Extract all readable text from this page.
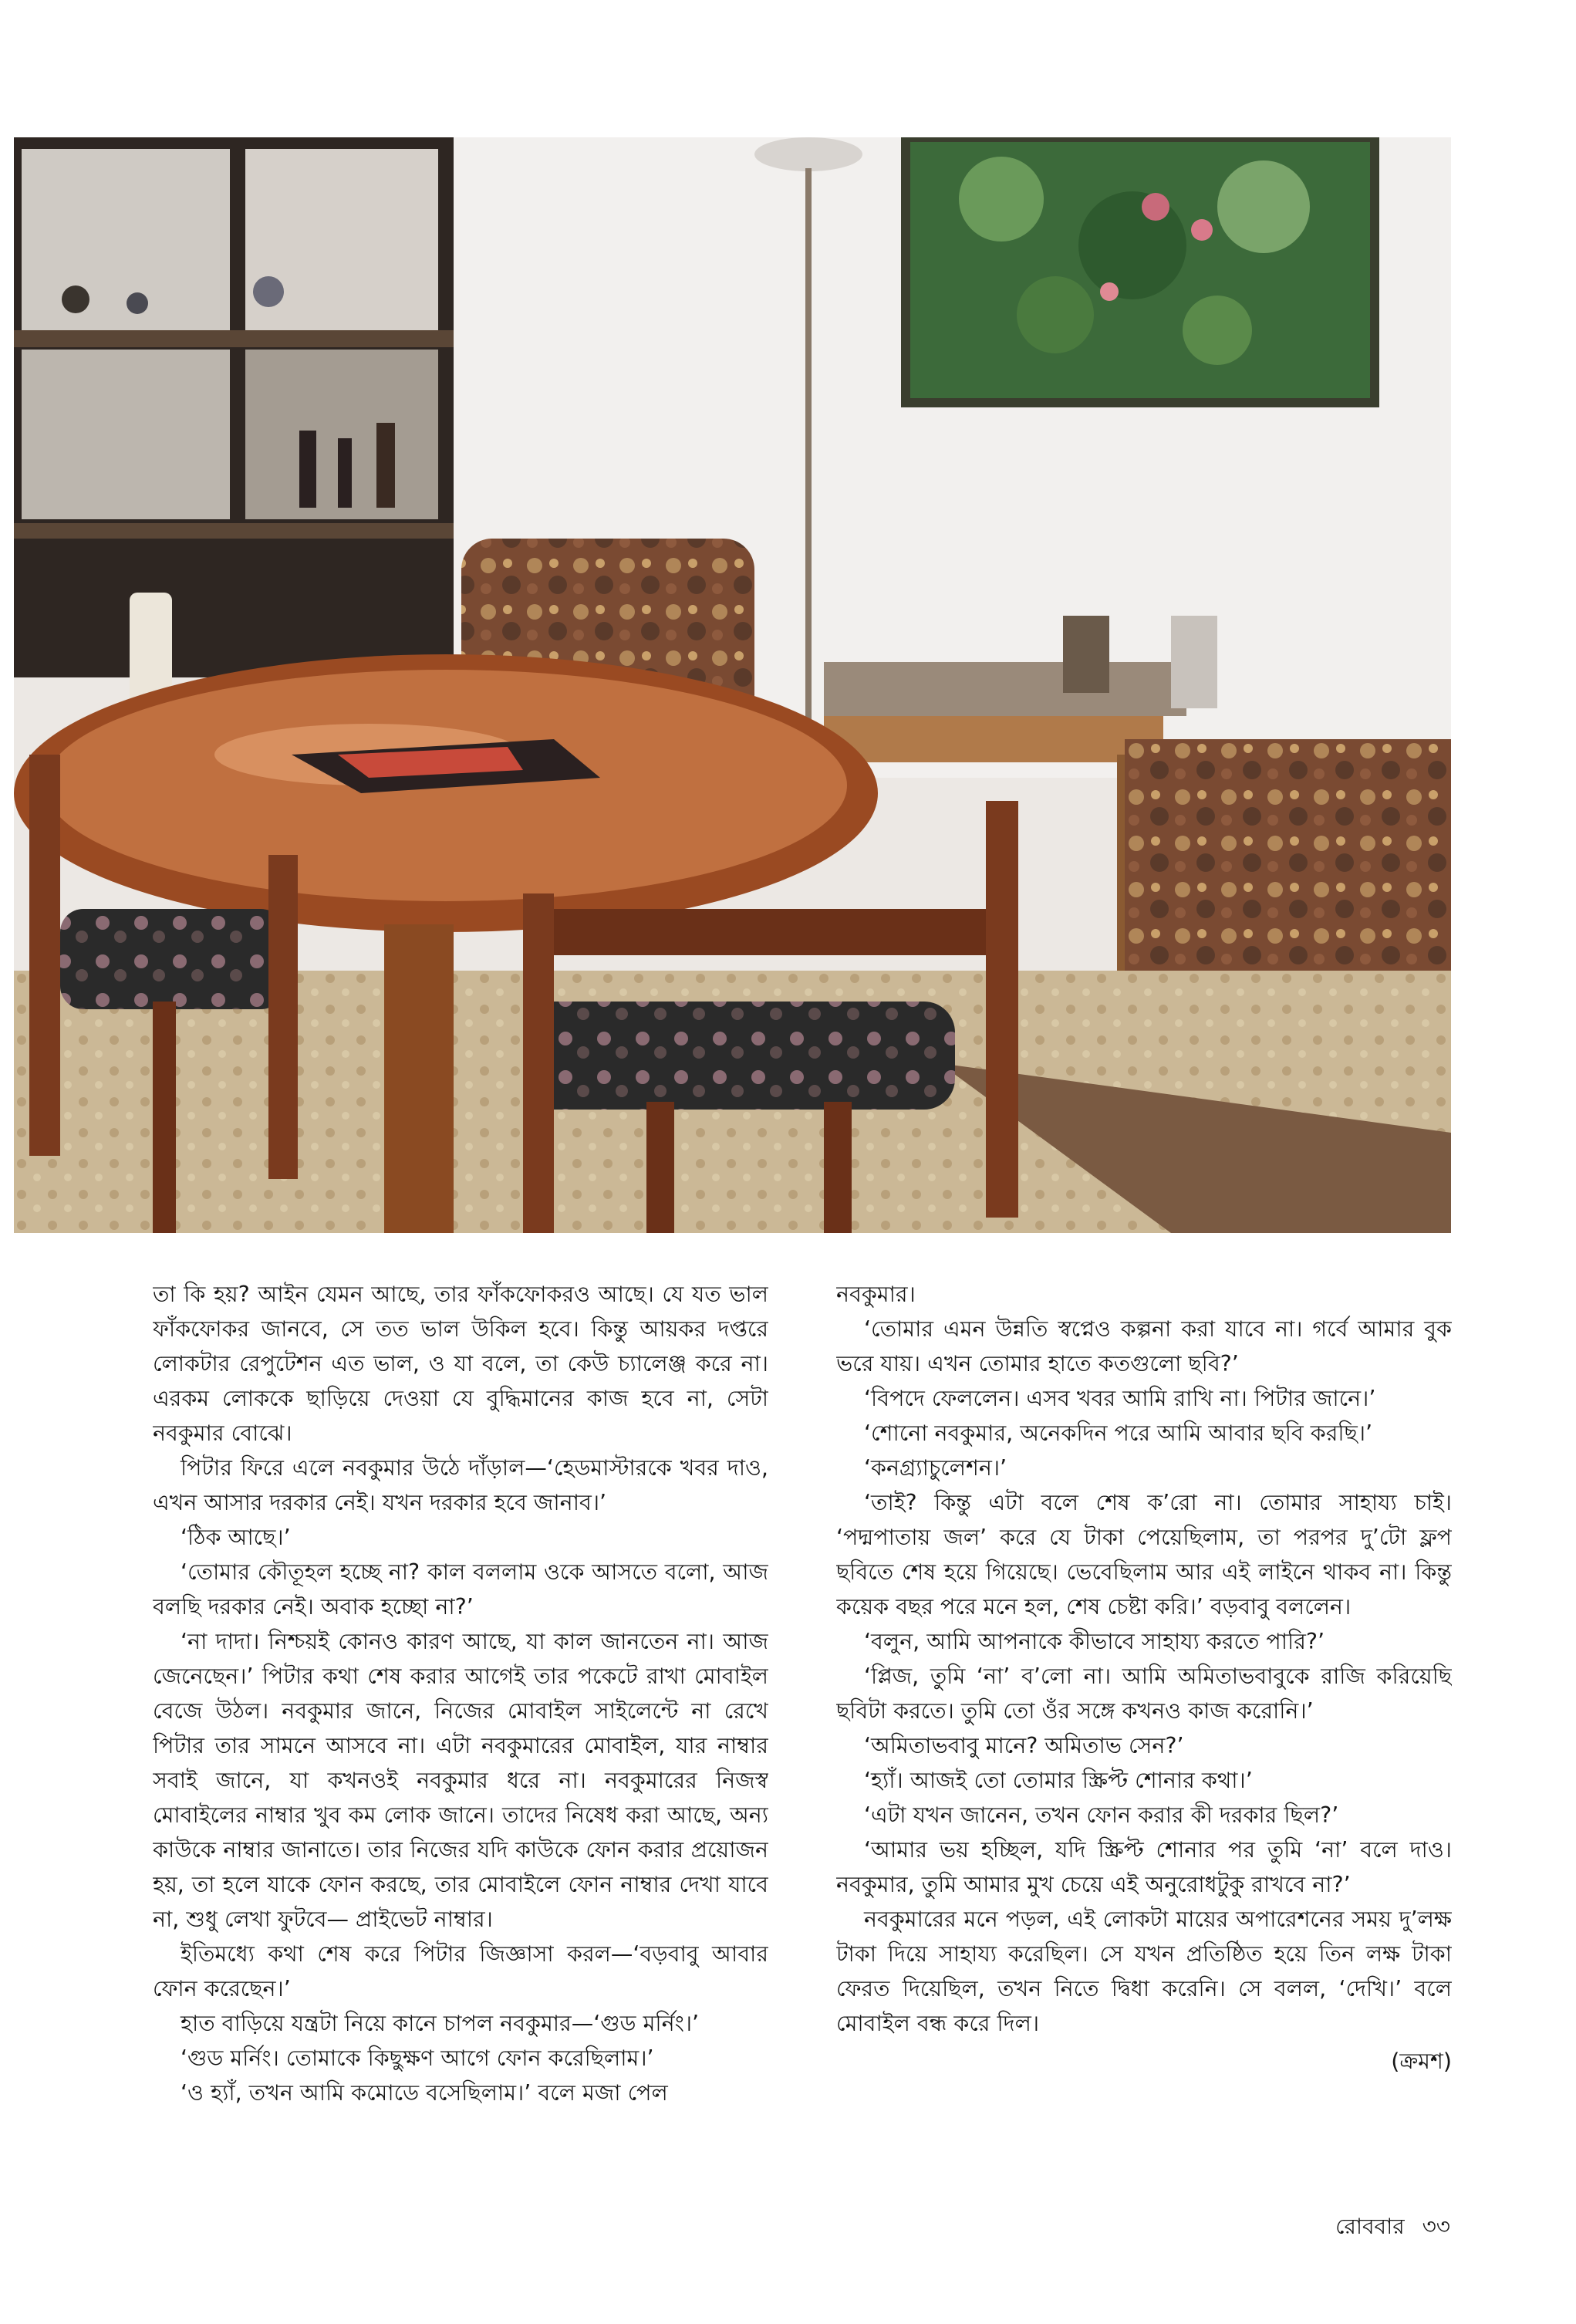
তা কি হয়? আইন যেমন আছে, তার ফাঁকফোকরও আছে। যে যত ভাল ফাঁকফোকর জানবে, সে তত ভাল উকিল হবে। কিন্তু আয়কর দপ্তরে লোকটার রেপুটেশন এত ভাল, ও যা বলে, তা কেউ চ্যালেঞ্জ করে না। এরকম লোককে ছাড়িয়ে দেওয়া যে বুদ্ধিমানের কাজ হবে না, সেটা নবকুমার বোঝে।

পিটার ফিরে এলে নবকুমার উঠে দাঁড়াল—‘হেডমাস্টারকে খবর দাও, এখন আসার দরকার নেই। যখন দরকার হবে জানাব।’

‘ঠিক আছে।’

‘তোমার কৌতূহল হচ্ছে না? কাল বললাম ওকে আসতে বলো, আজ বলছি দরকার নেই। অবাক হচ্ছো না?’

‘না দাদা। নিশ্চয়ই কোনও কারণ আছে, যা কাল জানতেন না। আজ জেনেছেন।’ পিটার কথা শেষ করার আগেই তার পকেটে রাখা মোবাইল বেজে উঠল। নবকুমার জানে, নিজের মোবাইল সাইলেন্টে না রেখে পিটার তার সামনে আসবে না। এটা নবকুমারের মোবাইল, যার নাম্বার সবাই জানে, যা কখনওই নবকুমার ধরে না। নবকুমারের নিজস্ব মোবাইলের নাম্বার খুব কম লোক জানে। তাদের নিষেধ করা আছে, অন্য কাউকে নাম্বার জানাতে। তার নিজের যদি কাউকে ফোন করার প্রয়োজন হয়, তা হলে যাকে ফোন করছে, তার মোবাইলে ফোন নাম্বার দেখা যাবে না, শুধু লেখা ফুটবে— প্রাইভেট নাম্বার।

ইতিমধ্যে কথা শেষ করে পিটার জিজ্ঞাসা করল—‘বড়বাবু আবার ফোন করেছেন।’

হাত বাড়িয়ে যন্ত্রটা নিয়ে কানে চাপল নবকুমার—‘গুড মর্নিং।’

‘গুড মর্নিং। তোমাকে কিছুক্ষণ আগে ফোন করেছিলাম।’

‘ও হ্যাঁ, তখন আমি কমোডে বসেছিলাম।’ বলে মজা পেল

নবকুমার।

‘তোমার এমন উন্নতি স্বপ্নেও কল্পনা করা যাবে না। গর্বে আমার বুক ভরে যায়। এখন তোমার হাতে কতগুলো ছবি?’

‘বিপদে ফেললেন। এসব খবর আমি রাখি না। পিটার জানে।’

‘শোনো নবকুমার, অনেকদিন পরে আমি আবার ছবি করছি।’

‘কনগ্র্যাচুলেশন।’

‘তাই? কিন্তু এটা বলে শেষ ক’রো না। তোমার সাহায্য চাই। ‘পদ্মপাতায় জল’ করে যে টাকা পেয়েছিলাম, তা পরপর দু’টো ফ্লপ ছবিতে শেষ হয়ে গিয়েছে। ভেবেছিলাম আর এই লাইনে থাকব না। কিন্তু কয়েক বছর পরে মনে হল, শেষ চেষ্টা করি।’ বড়বাবু বললেন।

‘বলুন, আমি আপনাকে কীভাবে সাহায্য করতে পারি?’

‘প্লিজ, তুমি ‘না’ ব’লো না। আমি অমিতাভবাবুকে রাজি করিয়েছি ছবিটা করতে। তুমি তো ওঁর সঙ্গে কখনও কাজ করোনি।’

‘অমিতাভবাবু মানে? অমিতাভ সেন?’

‘হ্যাঁ। আজই তো তোমার স্ক্রিপ্ট শোনার কথা।’

‘এটা যখন জানেন, তখন ফোন করার কী দরকার ছিল?’

‘আমার ভয় হচ্ছিল, যদি স্ক্রিপ্ট শোনার পর তুমি ‘না’ বলে দাও। নবকুমার, তুমি আমার মুখ চেয়ে এই অনুরোধটুকু রাখবে না?’

নবকুমারের মনে পড়ল, এই লোকটা মায়ের অপারেশনের সময় দু’লক্ষ টাকা দিয়ে সাহায্য করেছিল। সে যখন প্রতিষ্ঠিত হয়ে তিন লক্ষ টাকা ফেরত দিয়েছিল, তখন নিতে দ্বিধা করেনি। সে বলল, ‘দেখি।’ বলে মোবাইল বন্ধ করে দিল।

(ক্রমশ)

রোববার ৩৩
